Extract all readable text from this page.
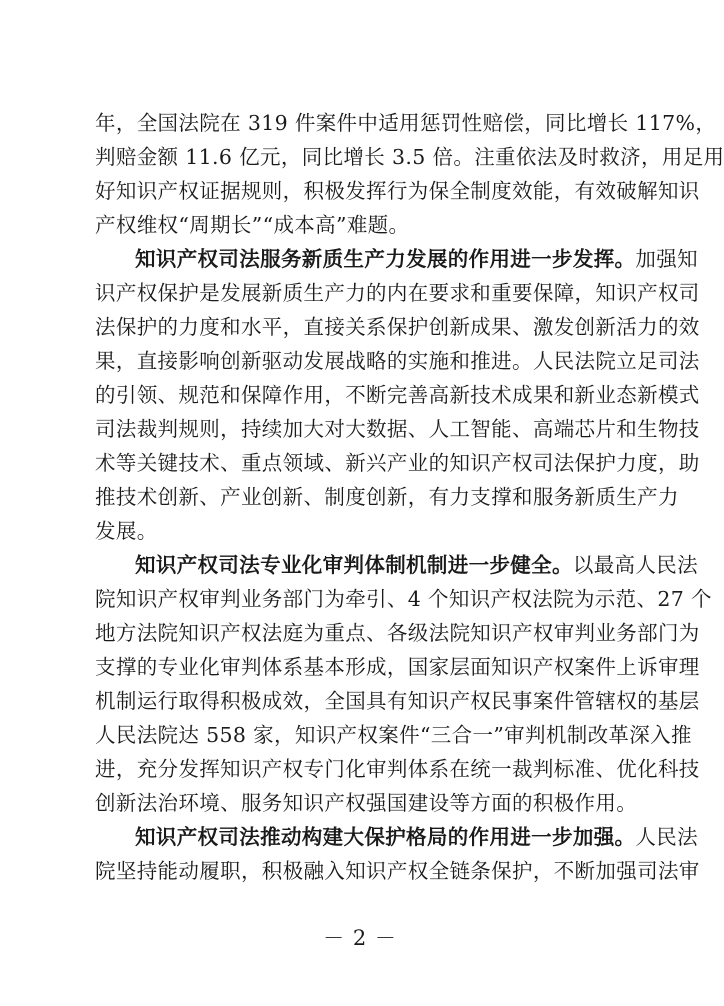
年，全国法院在 319 件案件中适用惩罚性赔偿，同比增长 117%，
判赔金额 11.6 亿元，同比增长 3.5 倍。注重依法及时救济，用足用
好知识产权证据规则，积极发挥行为保全制度效能，有效破解知识
产权维权“周期长”“成本高”难题。
知识产权司法服务新质生产力发展的作用进一步发挥。加强知
识产权保护是发展新质生产力的内在要求和重要保障，知识产权司
法保护的力度和水平，直接关系保护创新成果、激发创新活力的效
果，直接影响创新驱动发展战略的实施和推进。人民法院立足司法
的引领、规范和保障作用，不断完善高新技术成果和新业态新模式
司法裁判规则，持续加大对大数据、人工智能、高端芯片和生物技
术等关键技术、重点领域、新兴产业的知识产权司法保护力度，助
推技术创新、产业创新、制度创新，有力支撑和服务新质生产力
发展。
知识产权司法专业化审判体制机制进一步健全。以最高人民法
院知识产权审判业务部门为牵引、4 个知识产权法院为示范、27 个
地方法院知识产权法庭为重点、各级法院知识产权审判业务部门为
支撑的专业化审判体系基本形成，国家层面知识产权案件上诉审理
机制运行取得积极成效，全国具有知识产权民事案件管辖权的基层
人民法院达 558 家，知识产权案件“三合一”审判机制改革深入推
进，充分发挥知识产权专门化审判体系在统一裁判标准、优化科技
创新法治环境、服务知识产权强国建设等方面的积极作用。
知识产权司法推动构建大保护格局的作用进一步加强。人民法
院坚持能动履职，积极融入知识产权全链条保护，不断加强司法审
－ 2 －
